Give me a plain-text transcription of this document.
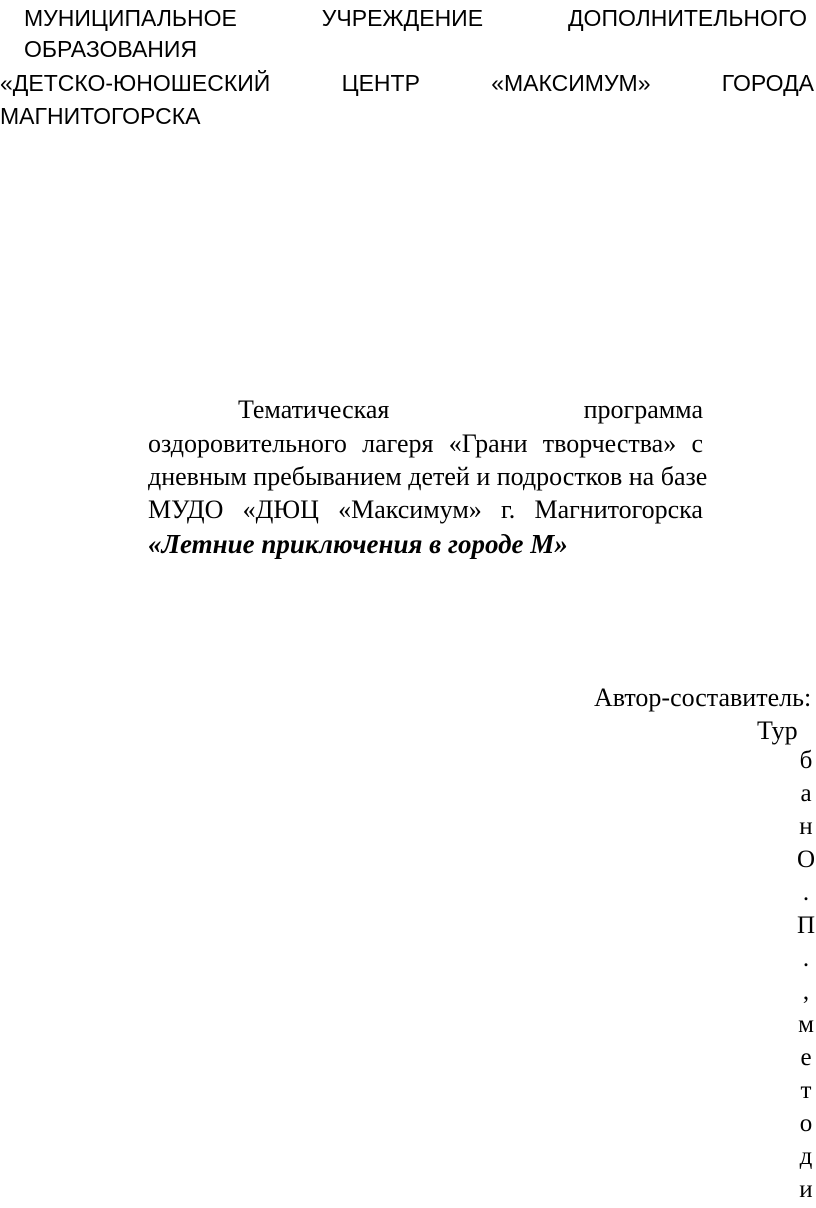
МУНИЦИПАЛЬНОЕ	УЧРЕЖДЕНИЕ	ДОПОЛНИТЕЛЬНОГО
ОБРАЗОВАНИЯ
«ДЕТСКО-ЮНОШЕСКИЙ	ЦЕНТР	«МАКСИМУМ»	ГОРОДА
МАГНИТОГОРСКА
Тематическая	программа
оздоровительного лагеря «Грани творчества» с
дневным пребыванием детей и подростков на базе
МУДО «ДЮЦ «Максимум» г. Магнитогорска
«Летние приключения в городе М»
Автор-составитель:
Тур
б
а
н
О
.
П
.
,
м
е
т
о
д
и
